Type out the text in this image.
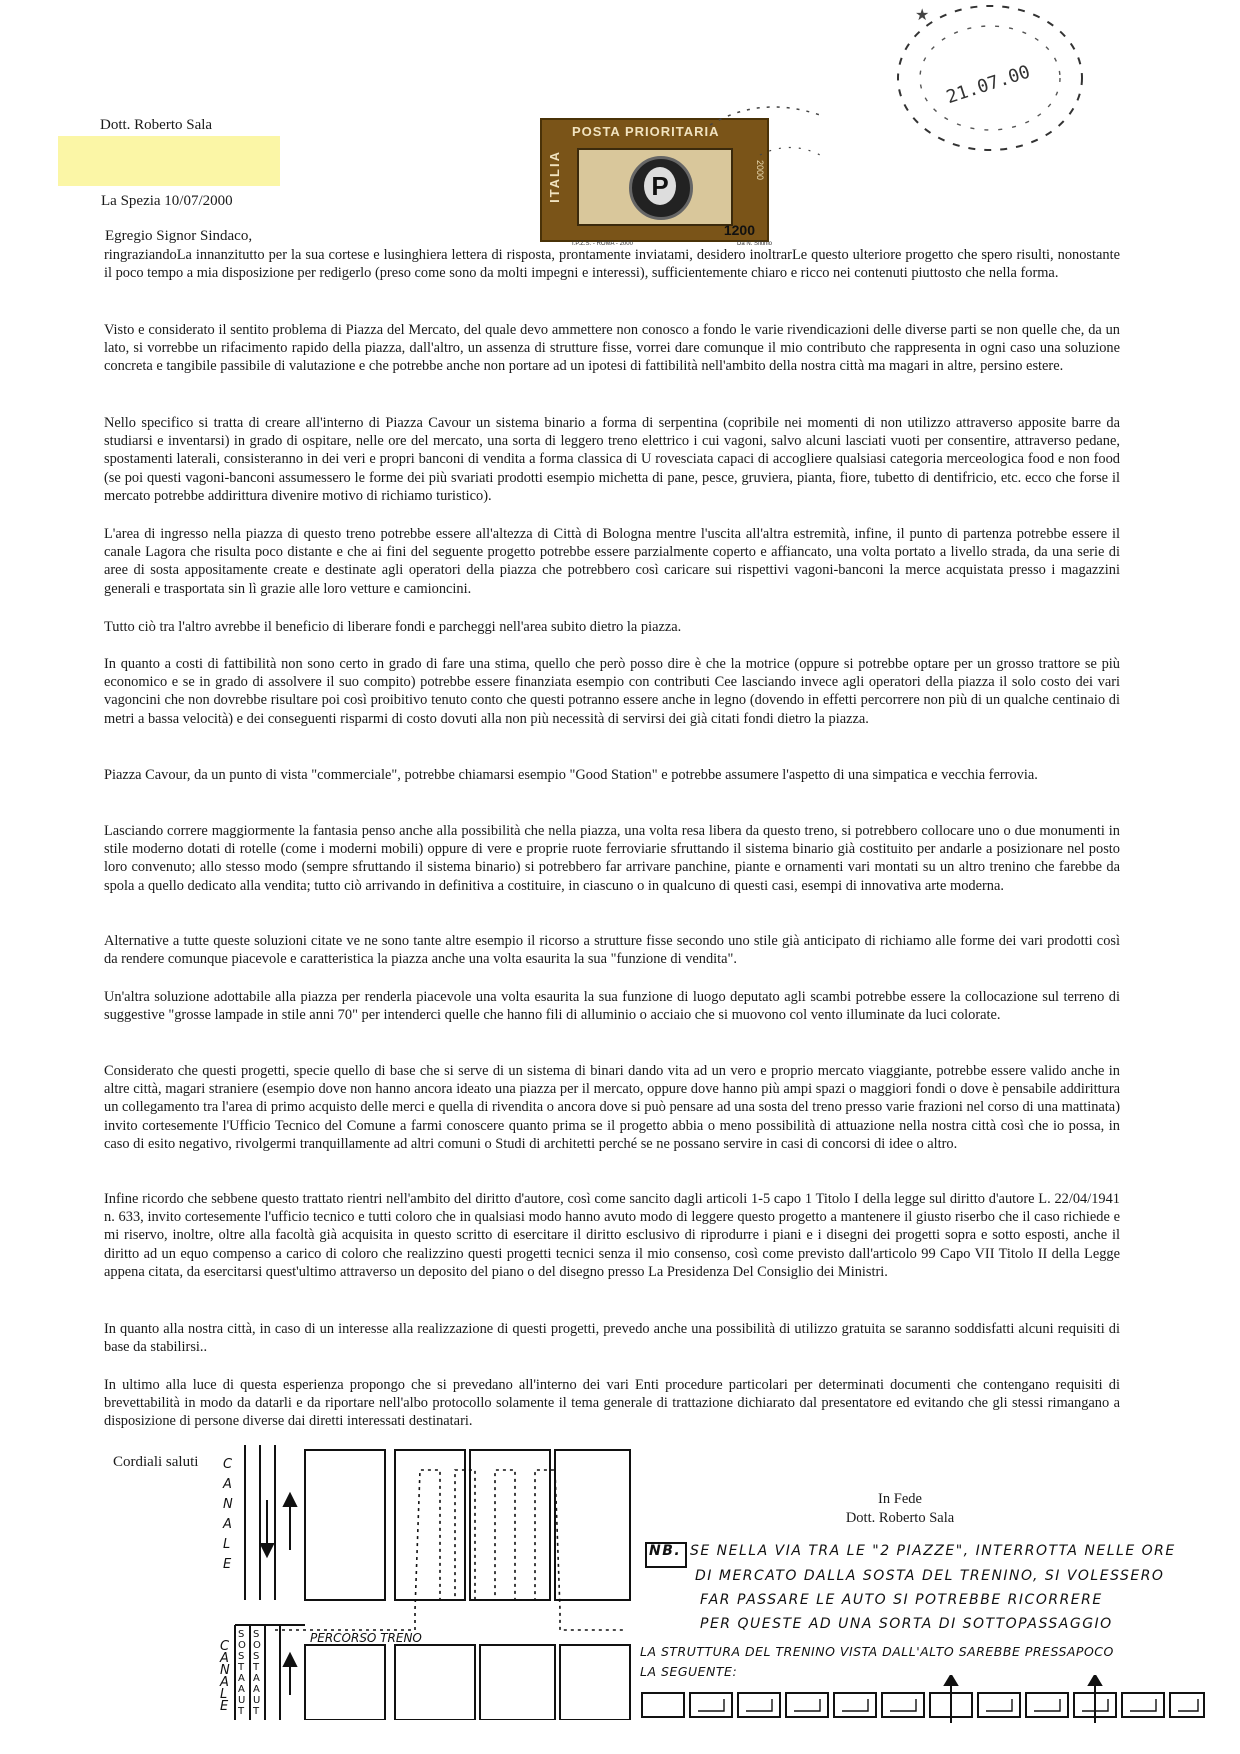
Dott. Roberto Sala
La Spezia 10/07/2000
POSTA PRIORITARIA
ITALIA	P
2000
1200
I.P.Z.S. - ROMA - 2000	Da N. Sfitinio
21.07.00
★
Egregio Signor Sindaco,

ringraziandoLa innanzitutto per la sua cortese e lusinghiera lettera di risposta, prontamente inviatami, desidero inoltrarLe questo ulteriore progetto che spero risulti, nonostante il poco tempo a mia disposizione per redigerlo (preso come sono da molti impegni e interessi), sufficientemente chiaro e ricco nei contenuti piuttosto che nella forma.

Visto e considerato il sentito problema di Piazza del Mercato, del quale devo ammettere non conosco a fondo le varie rivendicazioni delle diverse parti se non quelle che, da un lato, si vorrebbe un rifacimento rapido della piazza, dall'altro, un assenza di strutture fisse, vorrei dare comunque il mio contributo che rappresenta in ogni caso una soluzione concreta e tangibile passibile di valutazione e che potrebbe anche non portare ad un ipotesi di fattibilità nell'ambito della nostra città ma magari in altre, persino estere.

Nello specifico si tratta di creare all'interno di Piazza Cavour un sistema binario a forma di serpentina (copribile nei momenti di non utilizzo attraverso apposite barre da studiarsi e inventarsi) in grado di ospitare, nelle ore del mercato, una sorta di leggero treno elettrico i cui vagoni, salvo alcuni lasciati vuoti per consentire, attraverso pedane, spostamenti laterali, consisteranno in dei veri e propri banconi di vendita a forma classica di U rovesciata capaci di accogliere qualsiasi categoria merceologica food e non food (se poi questi vagoni-banconi assumessero le forme dei più svariati prodotti esempio michetta di pane, pesce, gruviera, pianta, fiore, tubetto di dentifricio, etc. ecco che forse il mercato potrebbe addirittura divenire motivo di richiamo turistico).

L'area di ingresso nella piazza di questo treno potrebbe essere all'altezza di Città di Bologna mentre l'uscita all'altra estremità, infine, il punto di partenza potrebbe essere il canale Lagora che risulta poco distante e che ai fini del seguente progetto potrebbe essere parzialmente coperto e affiancato, una volta portato a livello strada, da una serie di aree di sosta appositamente create e destinate agli operatori della piazza che potrebbero così caricare sui rispettivi vagoni-banconi la merce acquistata presso i magazzini generali e trasportata sin lì grazie alle loro vetture e camioncini.

Tutto ciò tra l'altro avrebbe il beneficio di liberare fondi e parcheggi nell'area subito dietro la piazza.

In quanto a costi di fattibilità non sono certo in grado di fare una stima, quello che però posso dire è che la motrice (oppure si potrebbe optare per un grosso trattore se più economico e se in grado di assolvere il suo compito) potrebbe essere finanziata esempio con contributi Cee lasciando invece agli operatori della piazza il solo costo dei vari vagoncini che non dovrebbe risultare poi così proibitivo tenuto conto che questi potranno essere anche in legno (dovendo in effetti percorrere non più di un qualche centinaio di metri a bassa velocità) e dei conseguenti risparmi di costo dovuti alla non più necessità di servirsi dei già citati fondi dietro la piazza.

Piazza Cavour, da un punto di vista "commerciale", potrebbe chiamarsi esempio "Good Station" e potrebbe assumere l'aspetto di una simpatica e vecchia ferrovia.

Lasciando correre maggiormente la fantasia penso anche alla possibilità che nella piazza, una volta resa libera da questo treno, si potrebbero collocare uno o due monumenti in stile moderno dotati di rotelle (come i moderni mobili) oppure di vere e proprie ruote ferroviarie sfruttando il sistema binario già costituito per andarle a posizionare nel posto loro convenuto; allo stesso modo (sempre sfruttando il sistema binario) si potrebbero far arrivare panchine, piante e ornamenti vari montati su un altro trenino che farebbe da spola a quello dedicato alla vendita; tutto ciò arrivando in definitiva a costituire, in ciascuno o in qualcuno di questi casi, esempi di innovativa arte moderna.

Alternative a tutte queste soluzioni citate ve ne sono tante altre esempio il ricorso a strutture fisse secondo uno stile già anticipato di richiamo alle forme dei vari prodotti così da rendere comunque piacevole e caratteristica la piazza anche una volta esaurita la sua "funzione di vendita".

Un'altra soluzione adottabile alla piazza per renderla piacevole una volta esaurita la sua funzione di luogo deputato agli scambi potrebbe essere la collocazione sul terreno di suggestive "grosse lampade in stile anni 70" per intenderci quelle che hanno fili di alluminio o acciaio che si muovono col vento illuminate da luci colorate.

Considerato che questi progetti, specie quello di base che si serve di un sistema di binari dando vita ad un vero e proprio mercato viaggiante, potrebbe essere valido anche in altre città, magari straniere (esempio dove non hanno ancora ideato una piazza per il mercato, oppure dove hanno più ampi spazi o maggiori fondi o dove è pensabile addirittura un collegamento tra l'area di primo acquisto delle merci e quella di rivendita o ancora dove si può pensare ad una sosta del treno presso varie frazioni nel corso di una mattinata) invito cortesemente l'Ufficio Tecnico del Comune a farmi conoscere quanto prima se il progetto abbia o meno possibilità di attuazione nella nostra città così che io possa, in caso di esito negativo, rivolgermi tranquillamente ad altri comuni o Studi di architetti perché se ne possano servire in casi di concorsi di idee o altro.

Infine ricordo che sebbene questo trattato rientri nell'ambito del diritto d'autore, così come sancito dagli articoli 1-5 capo 1 Titolo I della legge sul diritto d'autore L. 22/04/1941 n. 633, invito cortesemente l'ufficio tecnico e tutti coloro che in qualsiasi modo hanno avuto modo di leggere questo progetto a mantenere il giusto riserbo che il caso richiede e mi riservo, inoltre, oltre alla facoltà già acquisita in questo scritto di esercitare il diritto esclusivo di riprodurre i piani e i disegni dei progetti sopra e sotto esposti, anche il diritto ad un equo compenso a carico di coloro che realizzino questi progetti tecnici senza il mio consenso, così come previsto dall'articolo 99 Capo VII Titolo II della Legge appena citata, da esercitarsi quest'ultimo attraverso un deposito del piano o del disegno presso La Presidenza Del Consiglio dei Ministri.

In quanto alla nostra città, in caso di un interesse alla realizzazione di questi progetti, prevedo anche una possibilità di utilizzo gratuita se saranno soddisfatti alcuni requisiti di base da stabilirsi..

In ultimo alla luce di questa esperienza propongo che si prevedano all'interno dei vari Enti procedure particolari per determinati documenti che contengano requisiti di brevettabilità in modo da datarli e da riportare nell'albo protocollo solamente il tema generale di trattazione dichiarato dal presentatore ed evitando che gli stessi rimangano a disposizione di persone diverse dai diretti interessati destinatari.

Cordiali saluti
In Fede
Dott. Roberto Sala
PERCORSO TRENO
C
A
N
A
L
E
C
A
N
A
L
E
S
O
S
T
A
A
U
T
S
O
S
T
A
A
U
T
NB. SE NELLA VIA TRA LE "2 PIAZZE", INTERROTTA NELLE ORE
DI MERCATO DALLA SOSTA DEL TRENINO, SI VOLESSERO
FAR PASSARE LE AUTO SI POTREBBE RICORRERE
PER QUESTE AD UNA SORTA DI SOTTOPASSAGGIO
LA STRUTTURA DEL TRENINO VISTA DALL'ALTO SAREBBE PRESSAPOCO
LA SEGUENTE:
